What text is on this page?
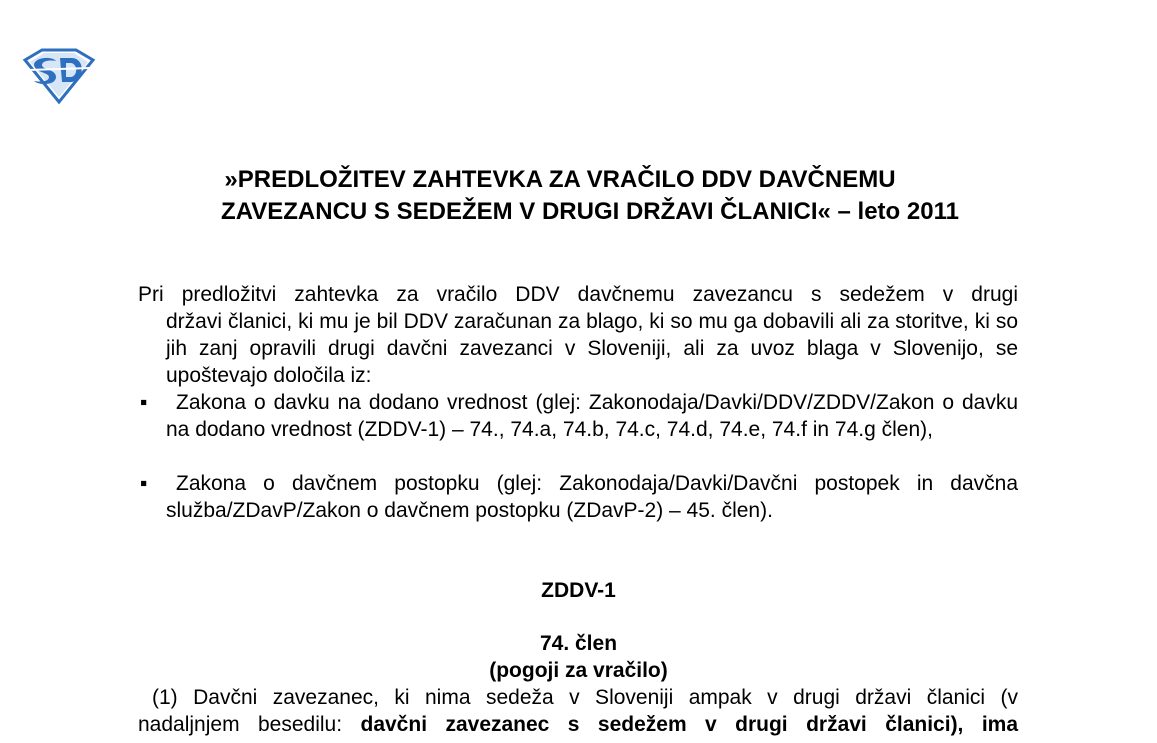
»PREDLOŽITEV ZAHTEVKA ZA VRAČILO DDV DAVČNEMU
ZAVEZANCU S SEDEŽEM V DRUGI DRŽAVI ČLANICI« – leto 2011
Pri predložitvi zahtevka za vračilo DDV davčnemu zavezancu s sedežem v drugi
državi članici, ki mu je bil DDV zaračunan za blago, ki so mu ga dobavili ali za storitve, ki so jih zanj opravili drugi davčni zavezanci v Sloveniji, ali za uvoz blaga v Slovenijo, se upoštevajo določila iz:
▪	Zakona o davku na dodano vrednost (glej: Zakonodaja/Davki/DDV/ZDDV/Zakon o davku na dodano vrednost (ZDDV-1) – 74., 74.a, 74.b, 74.c, 74.d, 74.e, 74.f in 74.g člen),
▪	Zakona o davčnem postopku (glej: Zakonodaja/Davki/Davčni postopek in davčna služba/ZDavP/Zakon o davčnem postopku (ZDavP-2) – 45. člen).
ZDDV-1
74. člen
(pogoji za vračilo)
(1) Davčni zavezanec, ki nima sedeža v Sloveniji ampak v drugi državi članici (v
nadaljnjem besedilu: davčni zavezanec s sedežem v drugi državi članici), ima
